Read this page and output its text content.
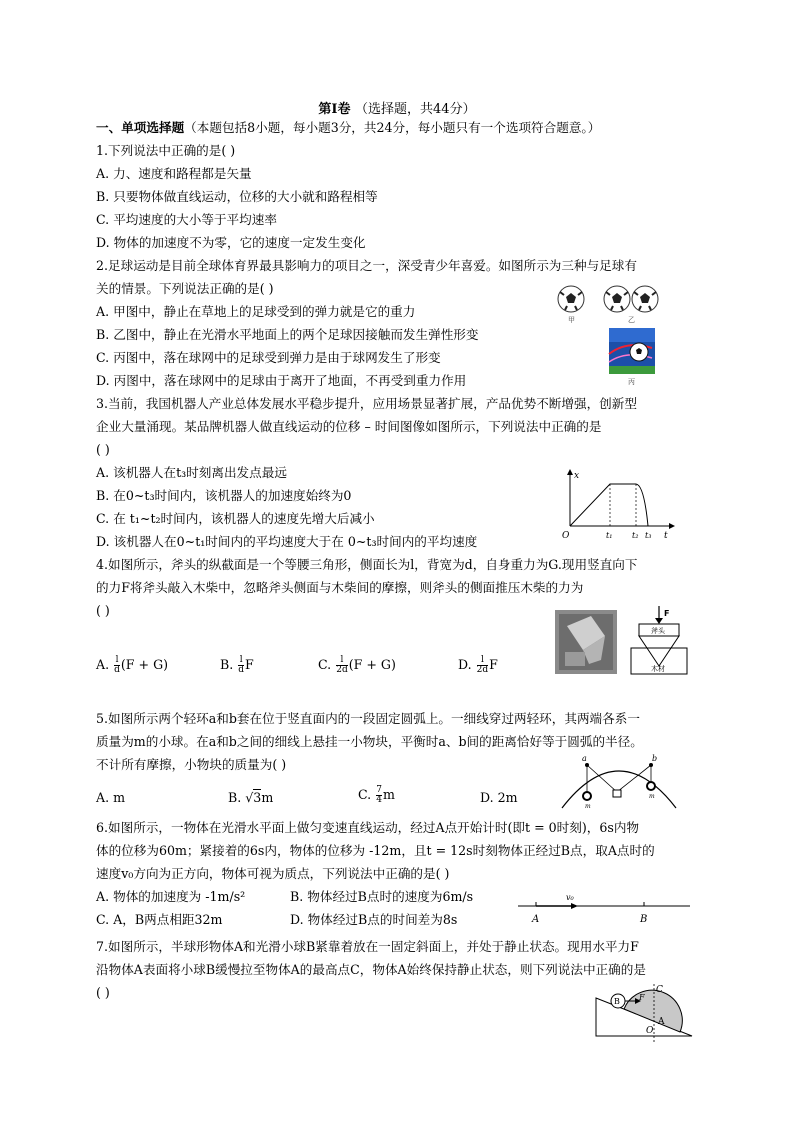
第Ⅰ卷 （选择题，共44分）
一、单项选择题（本题包括8小题，每小题3分，共24分，每小题只有一个选项符合题意。）
1.下列说法中正确的是( )
A. 力、速度和路程都是矢量
B. 只要物体做直线运动，位移的大小就和路程相等
C. 平均速度的大小等于平均速率
D. 物体的加速度不为零，它的速度一定发生变化
2.足球运动是目前全球体育界最具影响力的项目之一，深受青少年喜爱。如图所示为三种与足球有
关的情景。下列说法正确的是( )
A. 甲图中，静止在草地上的足球受到的弹力就是它的重力
B. 乙图中，静止在光滑水平地面上的两个足球因接触而发生弹性形变
C. 丙图中，落在球网中的足球受到弹力是由于球网发生了形变
D. 丙图中，落在球网中的足球由于离开了地面，不再受到重力作用
甲	乙
丙
3.当前，我国机器人产业总体发展水平稳步提升，应用场景显著扩展，产品优势不断增强，创新型
企业大量涌现。某品牌机器人做直线运动的位移 – 时间图像如图所示，下列说法中正确的是
( )
A. 该机器人在t₃时刻离出发点最远
B. 在0~t₃时间内，该机器人的加速度始终为0
C. 在 t₁~t₂时间内，该机器人的速度先增大后减小
D. 该机器人在0~t₁时间内的平均速度大于在 0~t₃时间内的平均速度
x
t
O	t₁ t₂ t₃
4.如图所示，斧头的纵截面是一个等腰三角形，侧面长为l，背宽为d，自身重力为G.现用竖直向下
的力F将斧头敲入木柴中，忽略斧头侧面与木柴间的摩擦，则斧头的侧面推压木柴的力为
( )
A. $\frac{l}{d} (F + G)$	B. $\frac{l}{d}$ F	C. $\frac{l}{2d} (F + G)$	D. $\frac{l}{2d}$ F
F
斧头
木材
5.如图所示两个轻环a和b套在位于竖直面内的一段固定圆弧上。一细线穿过两轻环，其两端各系一
质量为m的小球。在a和b之间的细线上悬挂一小物块，平衡时a、b间的距离恰好等于圆弧的半径。
不计所有摩擦，小物块的质量为( )
A. m	B. √3m	C. $\frac{7}{4}$ m	D. 2m
a	b
m
m
6.如图所示，一物体在光滑水平面上做匀变速直线运动，经过A点开始计时(即t = 0时刻)，6s内物
体的位移为60m；紧接着的6s内，物体的位移为 -12m，且t = 12s时刻物体正经过B点，取A点时的
速度v₀方向为正方向，物体可视为质点，下列说法中正确的是( )
A. 物体的加速度为 -1m/s²	B. 物体经过B点时的速度为6m/s
C. A，B两点相距32m	D. 物体经过B点的时间差为8s
v₀
A	B
7.如图所示，半球形物体A和光滑小球B紧靠着放在一固定斜面上，并处于静止状态。现用水平力F
沿物体A表面将小球B缓慢拉至物体A的最高点C，物体A始终保持静止状态，则下列说法中正确的是
( )
B F
A
C
O
